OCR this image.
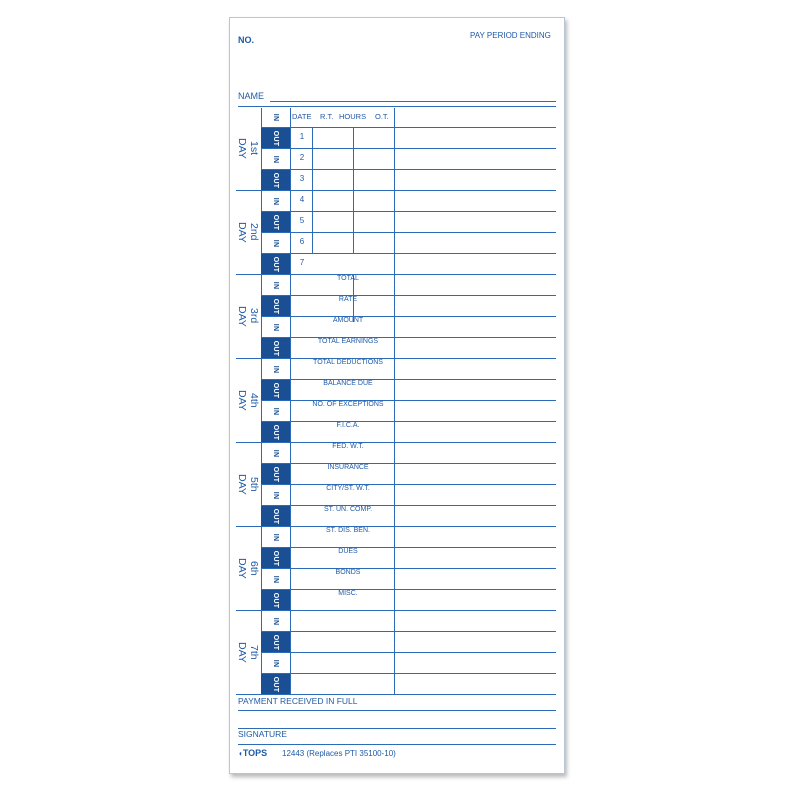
NO.	PAY PERIOD ENDING
NAME
IN
OUT
IN
OUT
IN
OUT
IN
OUT
IN
OUT
IN
OUT
IN
OUT
IN
OUT
IN
OUT
IN
OUT
IN
OUT
IN
OUT
IN
OUT
IN
OUT
1st
DAY
2nd
DAY
3rd
DAY
4th
DAY
5th
DAY
6th
DAY
7th
DAY
1
2
3
4
5
6
7
TOTAL
RATE
AMOUNT
TOTAL EARNINGS
TOTAL DEDUCTIONS
BALANCE DUE
NO. OF EXCEPTIONS
F.I.C.A.
FED. W.T.
INSURANCE
CITY/ST. W.T.
ST. UN. COMP.
ST. DIS. BEN.
DUES
BONDS
MISC.
DATE R.T. HOURS O.T.
PAYMENT RECEIVED IN FULL
SIGNATURE
◖TOPS 12443 (Replaces PTI 35100-10)
